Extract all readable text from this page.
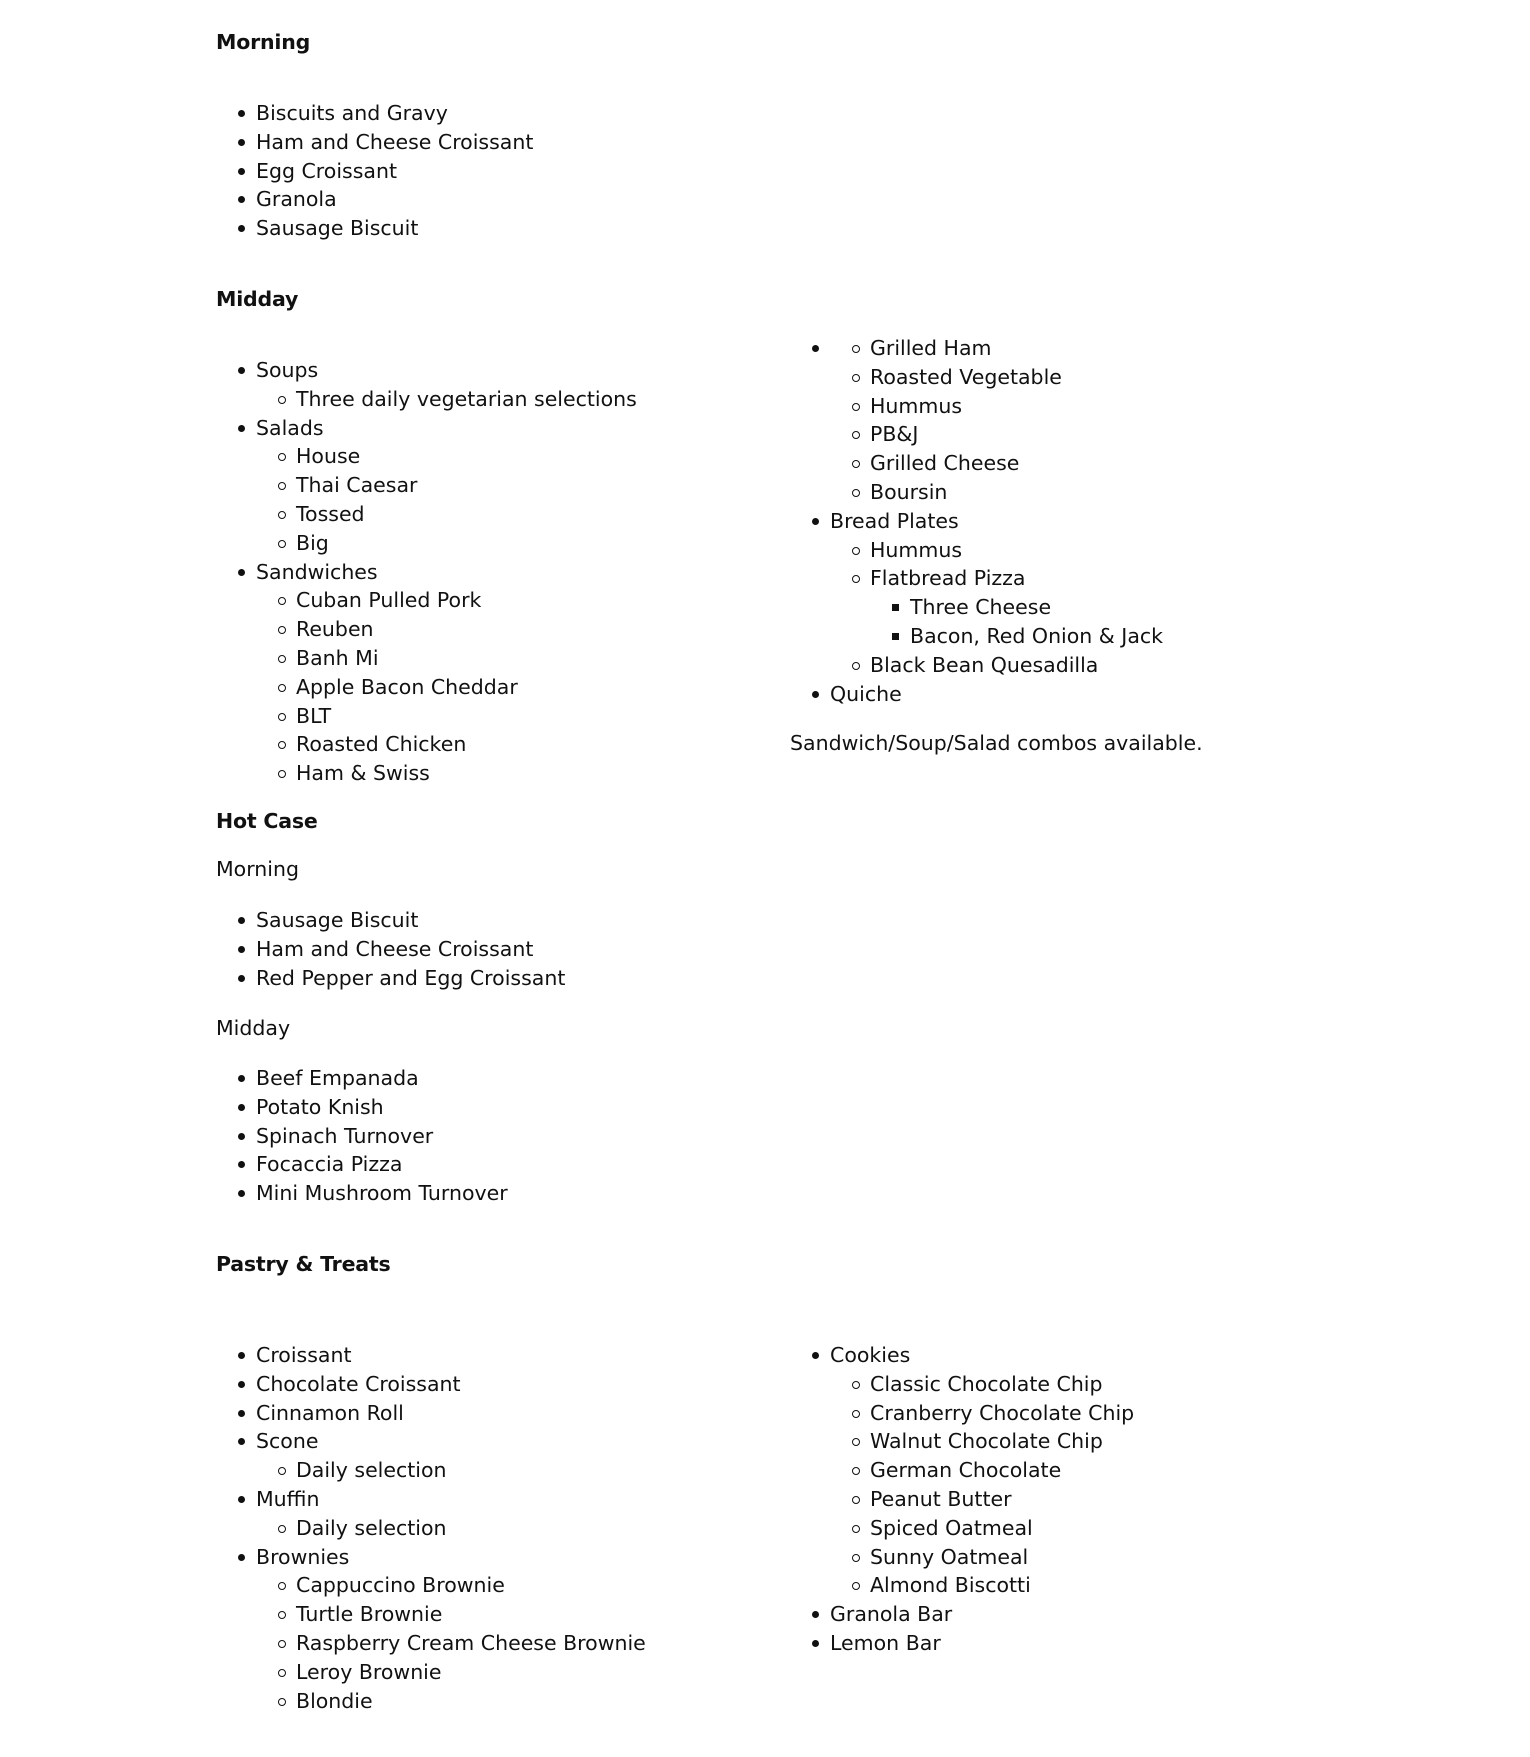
Morning
Biscuits and Gravy
Ham and Cheese Croissant
Egg Croissant
Granola
Sausage Biscuit
Midday
Soups
Three daily vegetarian selections
Salads
House
Thai Caesar
Tossed
Big
Sandwiches
Cuban Pulled Pork
Reuben
Banh Mi
Apple Bacon Cheddar
BLT
Roasted Chicken
Ham & Swiss
Grilled Ham
Roasted Vegetable
Hummus
PB&J
Grilled Cheese
Boursin
Bread Plates
Hummus
Flatbread Pizza
Three Cheese
Bacon, Red Onion & Jack
Black Bean Quesadilla
Quiche
Sandwich/Soup/Salad combos available.
Hot Case
Morning
Sausage Biscuit
Ham and Cheese Croissant
Red Pepper and Egg Croissant
Midday
Beef Empanada
Potato Knish
Spinach Turnover
Focaccia Pizza
Mini Mushroom Turnover
Pastry & Treats
Croissant
Chocolate Croissant
Cinnamon Roll
Scone
Daily selection
Muffin
Daily selection
Brownies
Cappuccino Brownie
Turtle Brownie
Raspberry Cream Cheese Brownie
Leroy Brownie
Blondie
Cookies
Classic Chocolate Chip
Cranberry Chocolate Chip
Walnut Chocolate Chip
German Chocolate
Peanut Butter
Spiced Oatmeal
Sunny Oatmeal
Almond Biscotti
Granola Bar
Lemon Bar
